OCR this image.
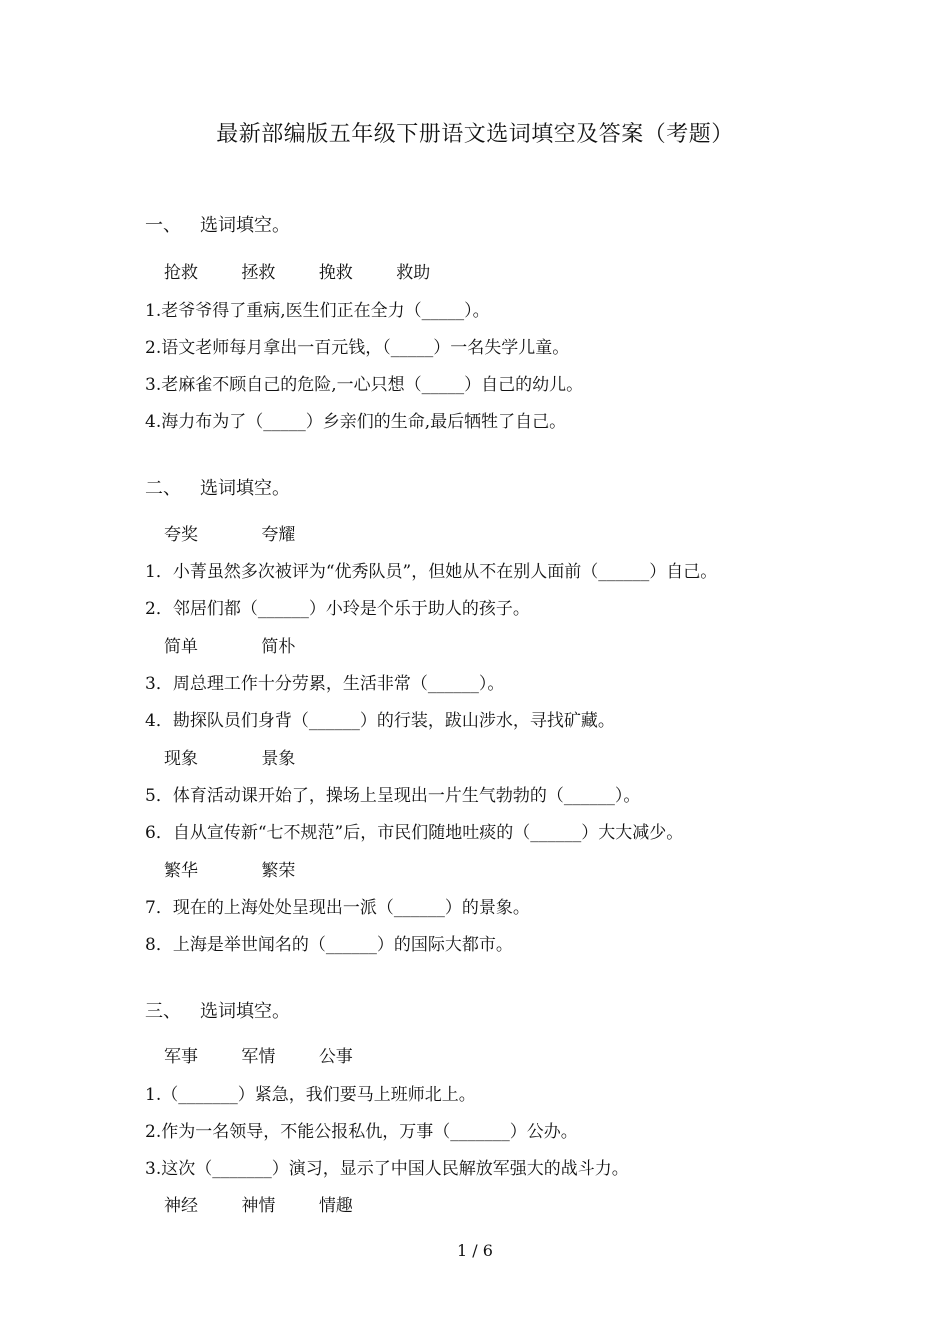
最新部编版五年级下册语文选词填空及答案（考题）
一、 选词填空。
抢救	拯救	挽救	救助
1.老爷爷得了重病,医生们正在全力（_____）。
2.语文老师每月拿出一百元钱，（_____）一名失学儿童。
3.老麻雀不顾自己的危险,一心只想（_____）自己的幼儿。
4.海力布为了（_____）乡亲们的生命,最后牺牲了自己。
二、 选词填空。
夸奖	夸耀
1．小菁虽然多次被评为“优秀队员”，但她从不在别人面前（______）自己。
2．邻居们都（______）小玲是个乐于助人的孩子。
简单	简朴
3．周总理工作十分劳累，生活非常（______）。
4．勘探队员们身背（______）的行装，跋山涉水，寻找矿藏。
现象	景象
5．体育活动课开始了，操场上呈现出一片生气勃勃的（______）。
6．自从宣传新“七不规范”后，市民们随地吐痰的（______）大大减少。
繁华	繁荣
7．现在的上海处处呈现出一派（______）的景象。
8．上海是举世闻名的（______）的国际大都市。
三、 选词填空。
军事	军情	公事
1.（_______）紧急，我们要马上班师北上。
2.作为一名领导，不能公报私仇，万事（_______）公办。
3.这次（_______）演习，显示了中国人民解放军强大的战斗力。
神经	神情	情趣
1 / 6
